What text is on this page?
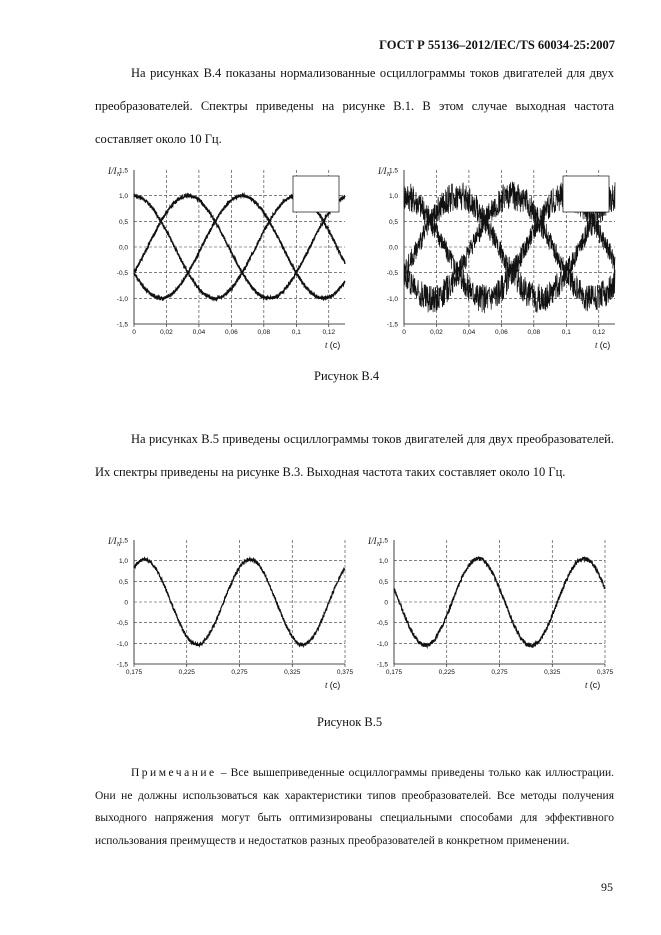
ГОСТ Р 55136–2012/IEC/TS 60034-25:2007
На рисунках В.4 показаны нормализованные осциллограммы токов двигателей для двух преобразователей. Спектры приведены на рисунке В.1. В этом случае выходная частота составляет около 10 Гц.
1,5
1,0
0,5
0,0
-0,5
-1,0
-1,5
0	0,02	0,04	0,06	0,08	0,1	0,12
$I/I_N$
t (c)
1,5
1,0
0,5
0,0
-0,5
-1,0
-1,5
0	0,02	0,04	0,06	0,08	0,1	0,12
$I/I_N$
t (c)
Рисунок В.4
На рисунках В.5 приведены осциллограммы токов двигателей для двух преобразователей. Их спектры приведены на рисунке В.3. Выходная частота таких составляет около 10 Гц.
1,5
1,0
0,5
0
-0,5
-1,0
-1,5
0,175	0,225	0,275	0,325	0,375
$I/I_N$
t (c)
1,5
1,0
0,5
0
-0,5
-1,0
-1,5
0,175	0,225	0,275	0,325	0,375
$I/I_N$
t (c)
Рисунок В.5
Примечание – Все вышеприведенные осциллограммы приведены только как иллюстрации. Они не должны использоваться как характеристики типов преобразователей. Все методы получения выходного напряжения могут быть оптимизированы специальными способами для эффективного использования преимуществ и недостатков разных преобразователей в конкретном применении.
95
